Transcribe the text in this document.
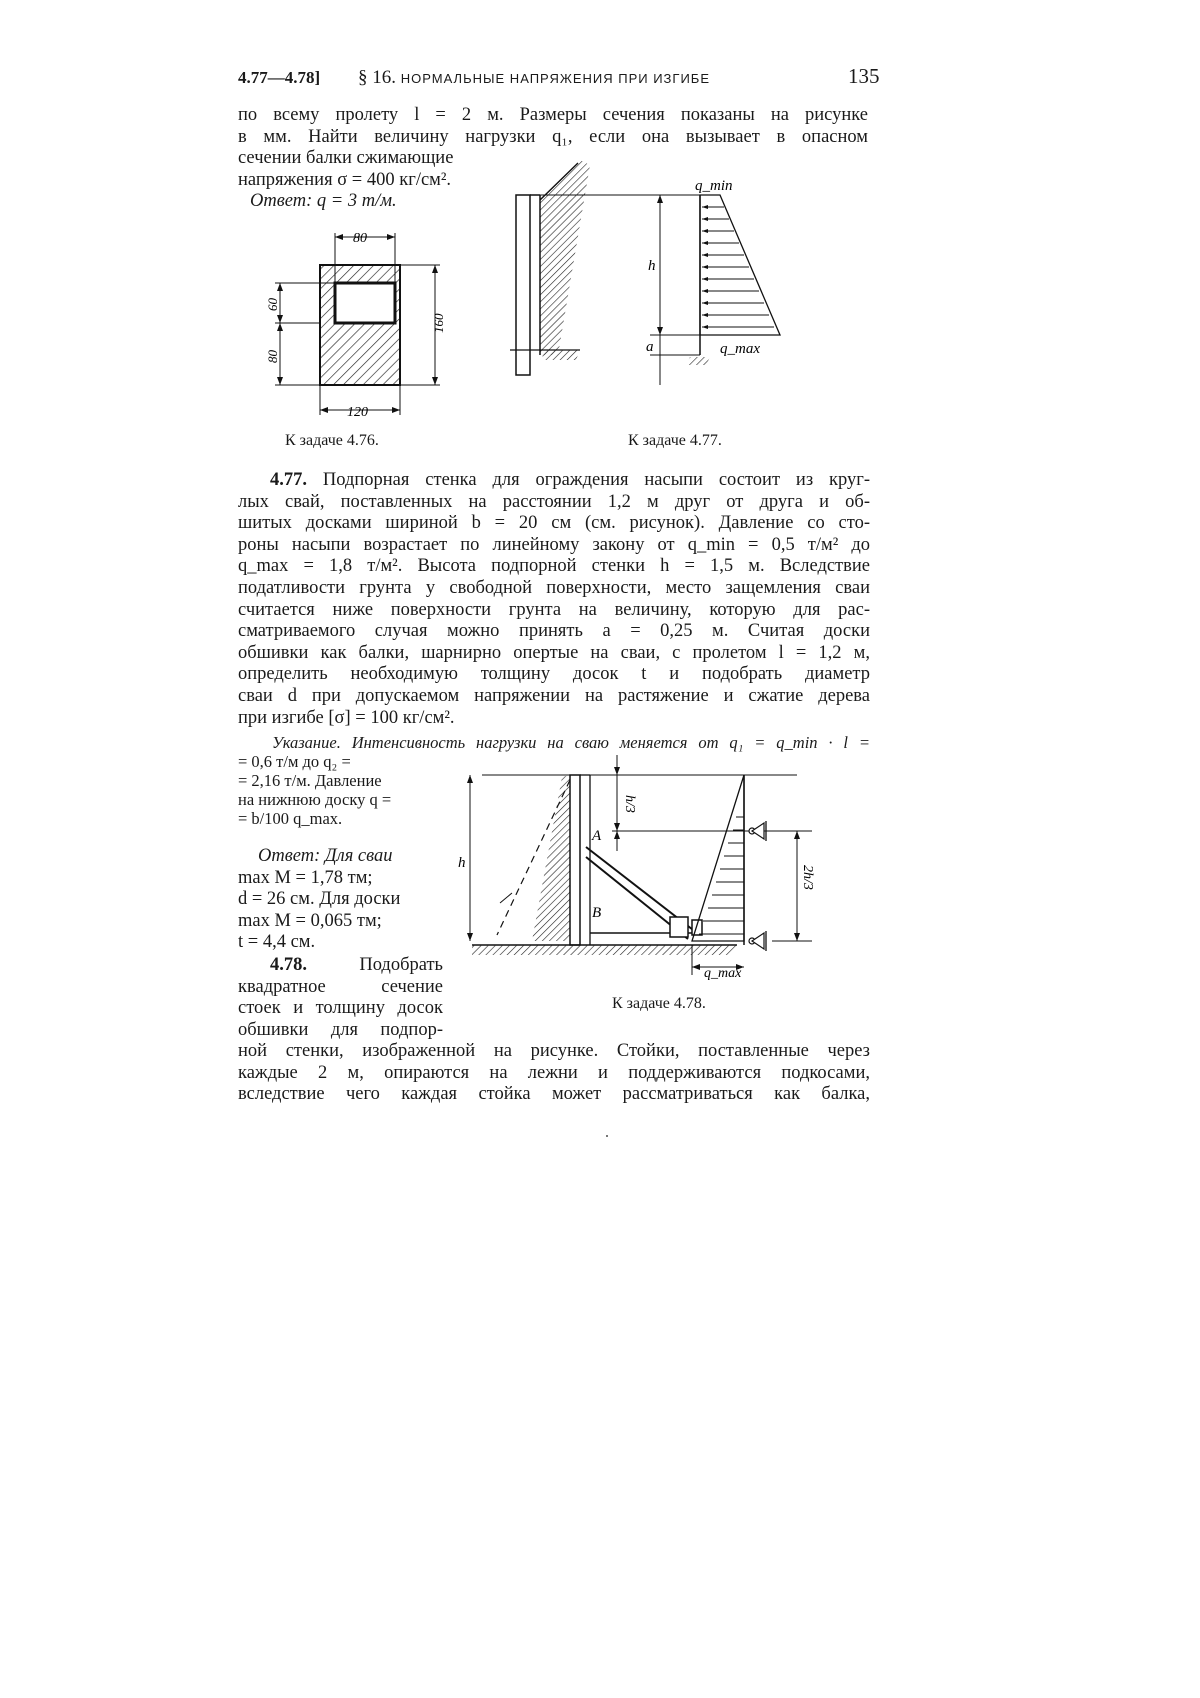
4.77—4.78] § 16. НОРМАЛЬНЫЕ НАПРЯЖЕНИЯ ПРИ ИЗГИБЕ	135
по всему пролету l = 2 м. Размеры сечения показаны на рисунке
в мм. Найти величину нагрузки q₁, если она вызывает в опасном
сечении балки сжимающие
напряжения σ = 400 кг/см².
Ответ: q = 3 т/м.
80
60
80
160
120
К задаче 4.76.
h
a
q_min
q_max
К задаче 4.77.
4.77. Подпорная стенка для ограждения насыпи состоит из круг-
лых свай, поставленных на расстоянии 1,2 м друг от друга и об-
шитых досками шириной b = 20 см (см. рисунок). Давление со сто-
роны насыпи возрастает по линейному закону от q_min = 0,5 т/м² до
q_max = 1,8 т/м². Высота подпорной стенки h = 1,5 м. Вследствие
податливости грунта у свободной поверхности, место защемления сваи
считается ниже поверхности грунта на величину, которую для рас-
сматриваемого случая можно принять a = 0,25 м. Считая доски
обшивки как балки, шарнирно опертые на сваи, с пролетом l = 1,2 м,
определить необходимую толщину досок t и подобрать диаметр
сваи d при допускаемом напряжении на растяжение и сжатие дерева
при изгибе [σ] = 100 кг/см².
Указание. Интенсивность нагрузки на сваю меняется от q₁ = q_min · l =
= 0,6 т/м до q₂ =
= 2,16 т/м. Давление
на нижнюю доску q =
= b/100 q_max.
Ответ: Для сваи
max M = 1,78 тм;
d = 26 см. Для доски
max M = 0,065 тм;
t = 4,4 см.
4.78.	Подобрать
квадратное сечение
стоек и толщину досок
обшивки для подпор-
ной стенки, изображенной на рисунке. Стойки, поставленные через
каждые 2 м, опираются на лежни и поддерживаются подкосами,
вследствие чего каждая стойка может рассматриваться как балка,
h
A
B
h/3
2h/3
q_max
К задаче 4.78.
